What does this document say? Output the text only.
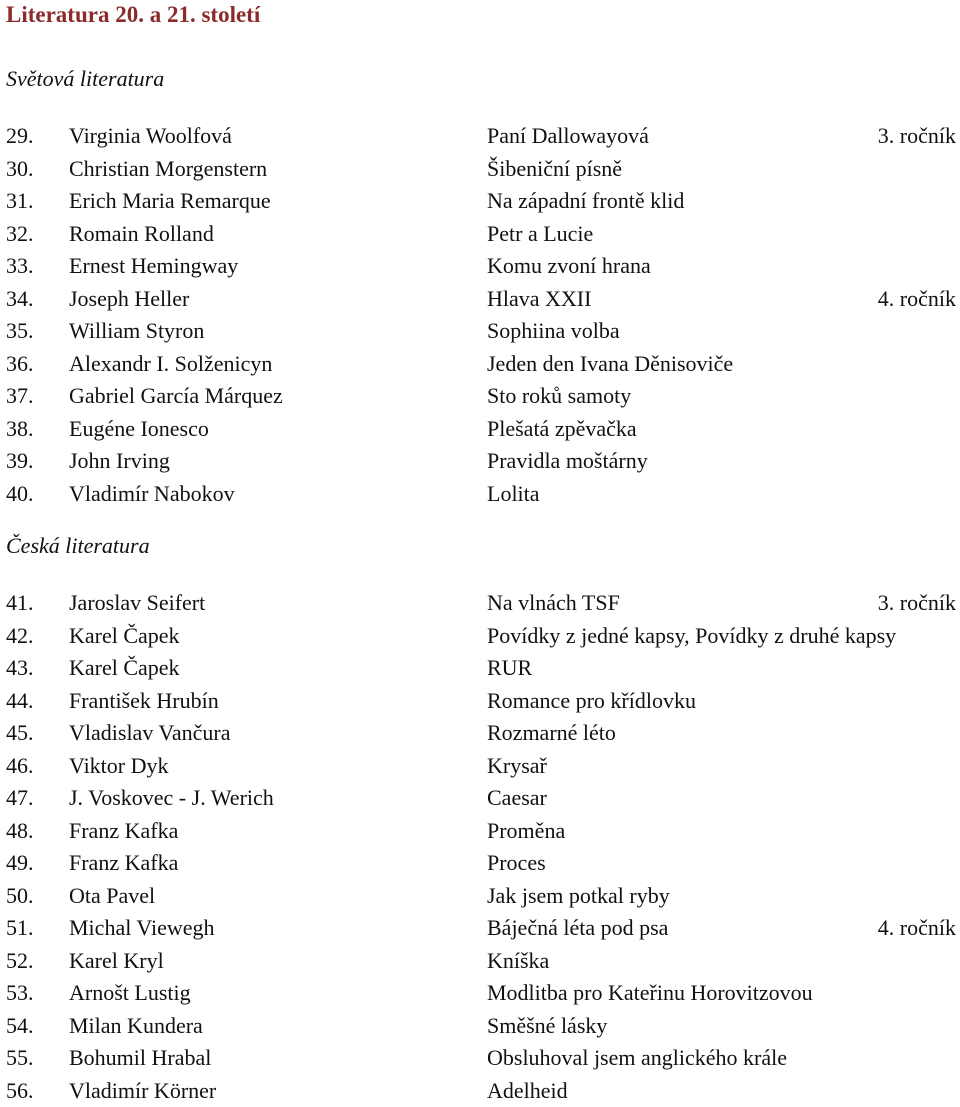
Literatura 20. a 21. století
Světová literatura
29. Virginia Woolfová	Paní Dallowayová	3. ročník
30. Christian Morgenstern	Šibeniční písně
31. Erich Maria Remarque	Na západní frontě klid
32. Romain Rolland	Petr a Lucie
33. Ernest Hemingway	Komu zvoní hrana
34. Joseph Heller	Hlava XXII	4. ročník
35. William Styron	Sophiina volba
36. Alexandr I. Solženicyn	Jeden den Ivana Děnisoviče
37. Gabriel García Márquez	Sto roků samoty
38. Eugéne Ionesco	Plešatá zpěvačka
39. John Irving	Pravidla moštárny
40. Vladimír Nabokov	Lolita
Česká literatura
41. Jaroslav Seifert	Na vlnách TSF	3. ročník
42. Karel Čapek	Povídky z jedné kapsy, Povídky z druhé kapsy
43. Karel Čapek	RUR
44. František Hrubín	Romance pro křídlovku
45. Vladislav Vančura	Rozmarné léto
46. Viktor Dyk	Krysař
47. J. Voskovec - J. Werich	Caesar
48. Franz Kafka	Proměna
49. Franz Kafka	Proces
50. Ota Pavel	Jak jsem potkal ryby
51. Michal Viewegh	Báječná léta pod psa	4. ročník
52. Karel Kryl	Kníška
53. Arnošt Lustig	Modlitba pro Kateřinu Horovitzovou
54. Milan Kundera	Směšné lásky
55. Bohumil Hrabal	Obsluhoval jsem anglického krále
56. Vladimír Körner	Adelheid
